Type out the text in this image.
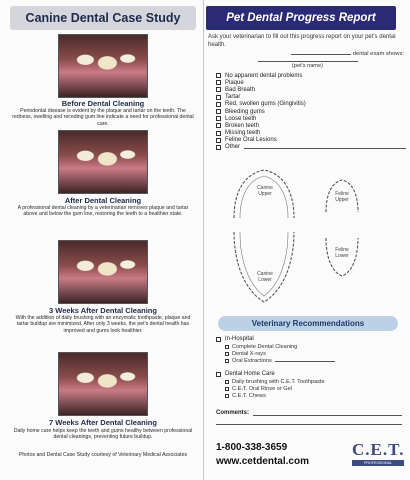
Canine Dental Case Study
Before Dental Cleaning
Periodontal disease is evident by the plaque and tartar on the teeth. The redness, swelling and receding gum line indicate a need for professional dental care.
After Dental Cleaning
A professional dental cleaning by a veterinarian removes plaque and tartar above and below the gum line, restoring the teeth to a healthier state.
3 Weeks After Dental Cleaning
With the addition of daily brushing with an enzymatic toothpaste, plaque and tartar buildup are minimized. After only 3 weeks, the pet's dental health has improved and gums look healthier.
7 Weeks After Dental Cleaning
Daily home care helps keep the teeth and gums healthy between professional dental cleanings, preventing future buildup.
Photos and Dental Case Study courtesy of Veterinary Medical Associates
Pet Dental Progress Report
Ask your veterinarian to fill out this progress report on your pet's dental health.
dental exam shows:
(pet's name)
No apparent dental problems
Plaque
Bad Breath
Tartar
Red, swollen gums (Gingivitis)
Bleeding gums
Loose teeth
Broken teeth
Missing teeth
Feline Oral Lesions
Other
Canine Upper
Canine Lower
Feline Upper
Feline Lower
Veterinary Recommendations
In-Hospital
Complete Dental Cleaning
Dental X-rays
Oral Extractions
Dental Home Care
Daily brushing with C.E.T. Toothpaste
C.E.T. Oral Rinse or Gel
C.E.T. Chews
Comments:
1-800-338-3659
www.cetdental.com
C.E.T.
PROFESSIONAL
